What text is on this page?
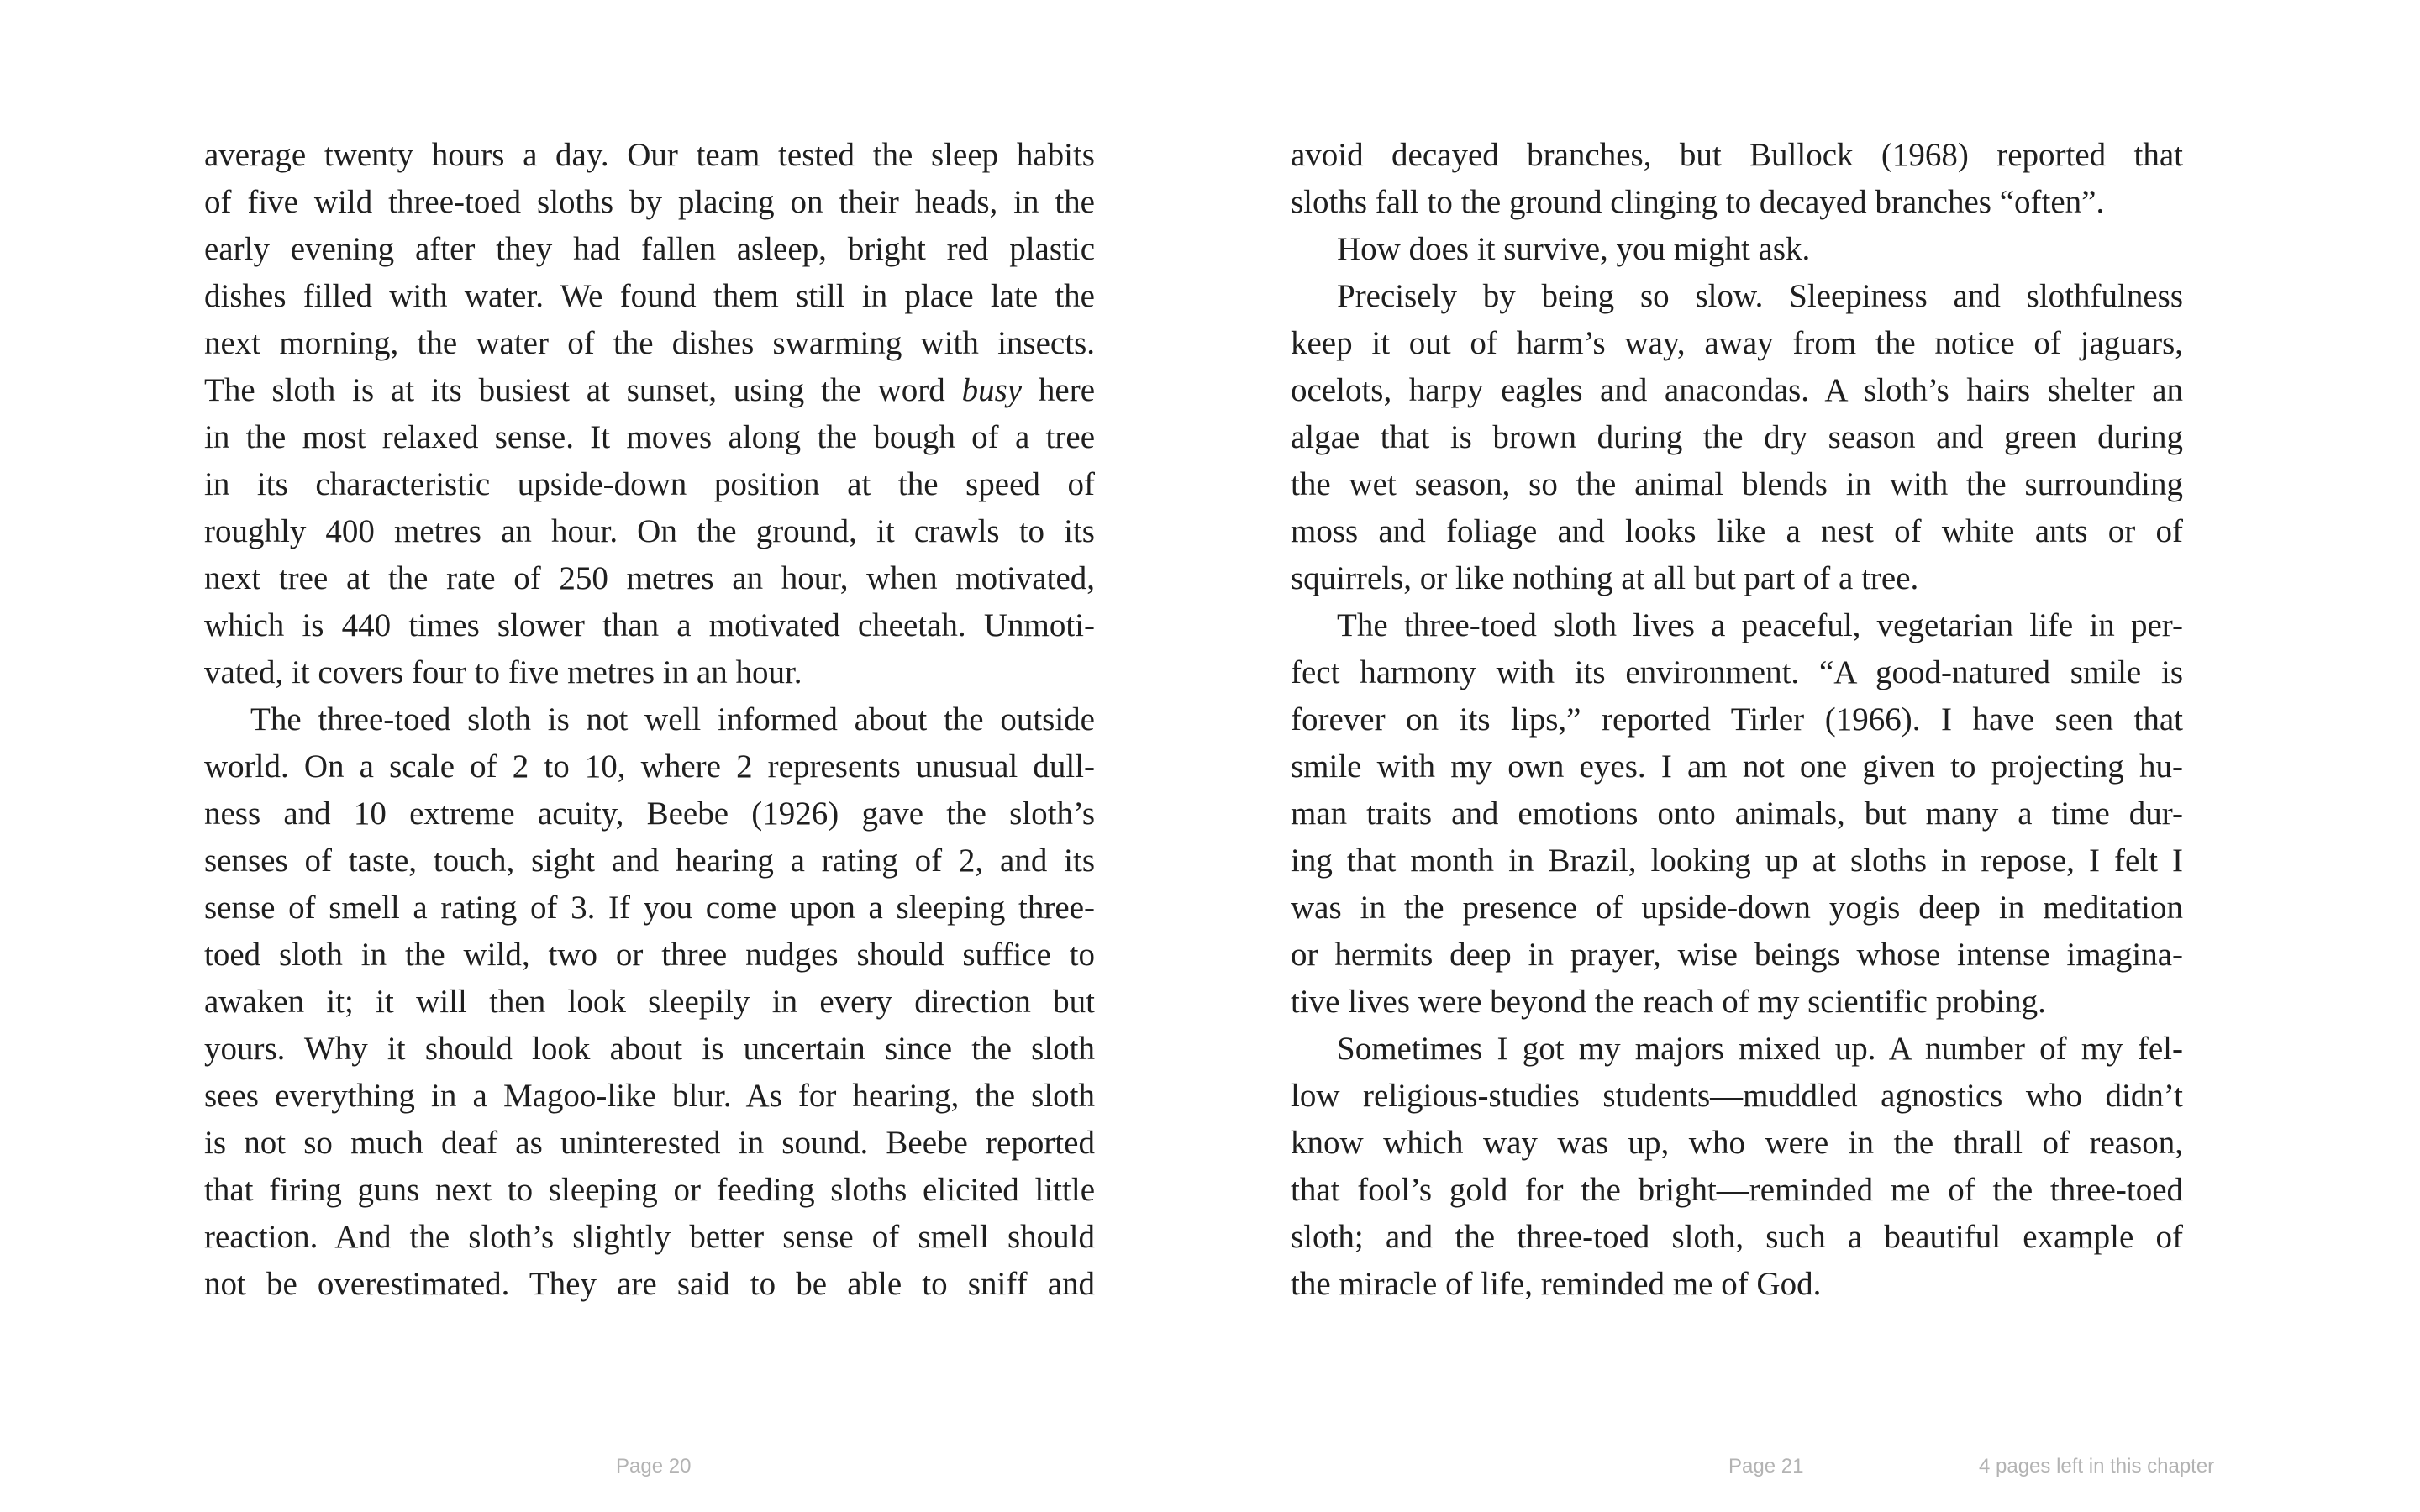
average twenty hours a day. Our team tested the sleep habits
of five wild three-toed sloths by placing on their heads, in the
early evening after they had fallen asleep, bright red plastic
dishes filled with water. We found them still in place late the
next morning, the water of the dishes swarming with insects.
The sloth is at its busiest at sunset, using the word busy here
in the most relaxed sense. It moves along the bough of a tree
in its characteristic upside-down position at the speed of
roughly 400 metres an hour. On the ground, it crawls to its
next tree at the rate of 250 metres an hour, when motivated,
which is 440 times slower than a motivated cheetah. Unmoti-
vated, it covers four to five metres in an hour.
The three-toed sloth is not well informed about the outside
world. On a scale of 2 to 10, where 2 represents unusual dull-
ness and 10 extreme acuity, Beebe (1926) gave the sloth’s
senses of taste, touch, sight and hearing a rating of 2, and its
sense of smell a rating of 3. If you come upon a sleeping three-
toed sloth in the wild, two or three nudges should suffice to
awaken it; it will then look sleepily in every direction but
yours. Why it should look about is uncertain since the sloth
sees everything in a Magoo-like blur. As for hearing, the sloth
is not so much deaf as uninterested in sound. Beebe reported
that firing guns next to sleeping or feeding sloths elicited little
reaction. And the sloth’s slightly better sense of smell should
not be overestimated. They are said to be able to sniff and
avoid decayed branches, but Bullock (1968) reported that
sloths fall to the ground clinging to decayed branches “often”.
How does it survive, you might ask.
Precisely by being so slow. Sleepiness and slothfulness
keep it out of harm’s way, away from the notice of jaguars,
ocelots, harpy eagles and anacondas. A sloth’s hairs shelter an
algae that is brown during the dry season and green during
the wet season, so the animal blends in with the surrounding
moss and foliage and looks like a nest of white ants or of
squirrels, or like nothing at all but part of a tree.
The three-toed sloth lives a peaceful, vegetarian life in per-
fect harmony with its environment. “A good-natured smile is
forever on its lips,” reported Tirler (1966). I have seen that
smile with my own eyes. I am not one given to projecting hu-
man traits and emotions onto animals, but many a time dur-
ing that month in Brazil, looking up at sloths in repose, I felt I
was in the presence of upside-down yogis deep in meditation
or hermits deep in prayer, wise beings whose intense imagina-
tive lives were beyond the reach of my scientific probing.
Sometimes I got my majors mixed up. A number of my fel-
low religious-studies students—muddled agnostics who didn’t
know which way was up, who were in the thrall of reason,
that fool’s gold for the bright—reminded me of the three-toed
sloth; and the three-toed sloth, such a beautiful example of
the miracle of life, reminded me of God.
Page 20	Page 21	4 pages left in this chapter
